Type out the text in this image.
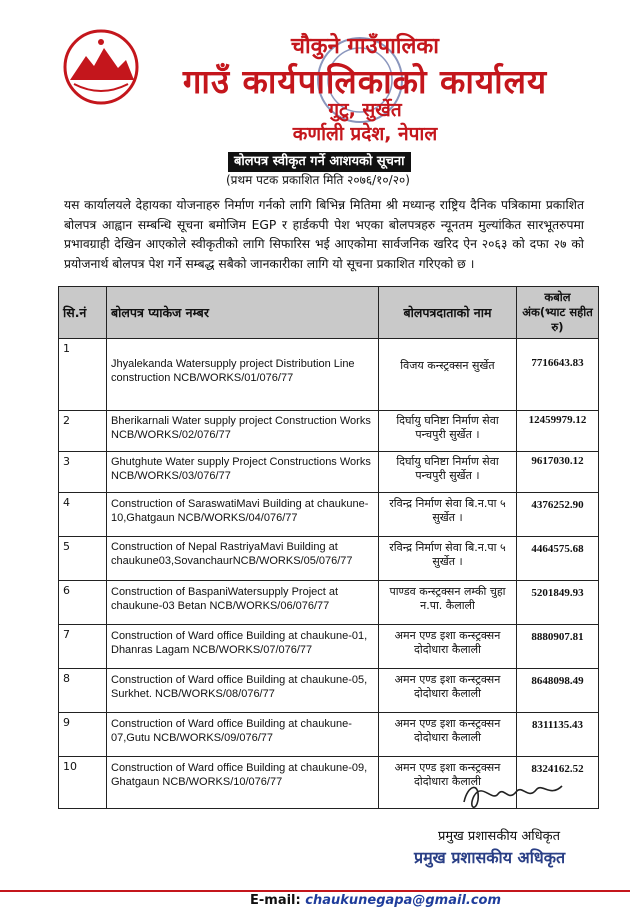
चौकुने गाउँपालिका
गाउँ कार्यपालिकाको कार्यालय
गुटु, सुर्खेत
कर्णाली प्रदेश, नेपाल
बोलपत्र स्वीकृत गर्ने आशयको सूचना
(प्रथम पटक प्रकाशित मिति २०७६/१०/२०)
यस कार्यालयले देहायका योजनाहरु निर्माण गर्नको लागि बिभिन्न मितिमा श्री मध्यान्ह राष्ट्रिय दैनिक पत्रिकामा प्रकाशित बोलपत्र आह्वान सम्बन्धि सूचना बमोजिम EGP र हार्डकपी पेश भएका बोलपत्रहरु न्यूनतम मुल्यांकित सारभूतरुपमा प्रभावग्राही देखिन आएकोले स्वीकृतीको लागि सिफारिस भई आएकोमा सार्वजनिक खरिद ऐन २०६३ को दफा २७ को प्रयोजनार्थ बोलपत्र पेश गर्ने सम्बद्ध सबैको जानकारीका लागि यो सूचना प्रकाशित गरिएको छ ।
सि.नं	बोलपत्र प्याकेज नम्बर	बोलपत्रदाताको नाम	कबोल अंक(भ्याट सहीत रु)
1	Jhyalekanda Watersupply project Distribution Line construction NCB/WORKS/01/076/77	विजय कन्स्ट्रक्सन सुर्खेत	7716643.83
2	Bherikarnali Water supply project Construction Works NCB/WORKS/02/076/77	दिर्घायु घनिष्टा निर्माण सेवा पन्चपुरी सुर्खेत ।	12459979.12
3	Ghutghute Water supply Project Constructions Works NCB/WORKS/03/076/77	दिर्घायु घनिष्टा निर्माण सेवा पन्चपुरी सुर्खेत ।	9617030.12
4	Construction of SaraswatiMavi Building at chaukune-10,Ghatgaun NCB/WORKS/04/076/77	रविन्द्र निर्माण सेवा बि.न.पा ५ सुर्खेत ।	4376252.90
5	Construction of Nepal RastriyaMavi Building at chaukune03,SovanchaurNCB/WORKS/05/076/77	रविन्द्र निर्माण सेवा बि.न.पा ५ सुर्खेत ।	4464575.68
6	Construction of BaspaniWatersupply Project at chaukune-03 Betan NCB/WORKS/06/076/77	पाण्डव कन्स्ट्रक्सन लम्की चुहा न.पा. कैलाली	5201849.93
7	Construction of Ward office Building at chaukune-01, Dhanras Lagam NCB/WORKS/07/076/77	अमन एण्ड इशा कन्स्ट्रक्सन दोदोधारा कैलाली	8880907.81
8	Construction of Ward office Building at chaukune-05, Surkhet. NCB/WORKS/08/076/77	अमन एण्ड इशा कन्स्ट्रक्सन दोदोधारा कैलाली	8648098.49
9	Construction of Ward office Building at chaukune-07,Gutu NCB/WORKS/09/076/77	अमन एण्ड इशा कन्स्ट्रक्सन दोदोधारा कैलाली	8311135.43
10	Construction of Ward office Building at chaukune-09, Ghatgaun NCB/WORKS/10/076/77	अमन एण्ड इशा कन्स्ट्रक्सन दोदोधारा कैलाली	8324162.52
प्रमुख प्रशासकीय अधिकृत
प्रमुख प्रशासकीय अधिकृत
E-mail: chaukunegapa@gmail.com
